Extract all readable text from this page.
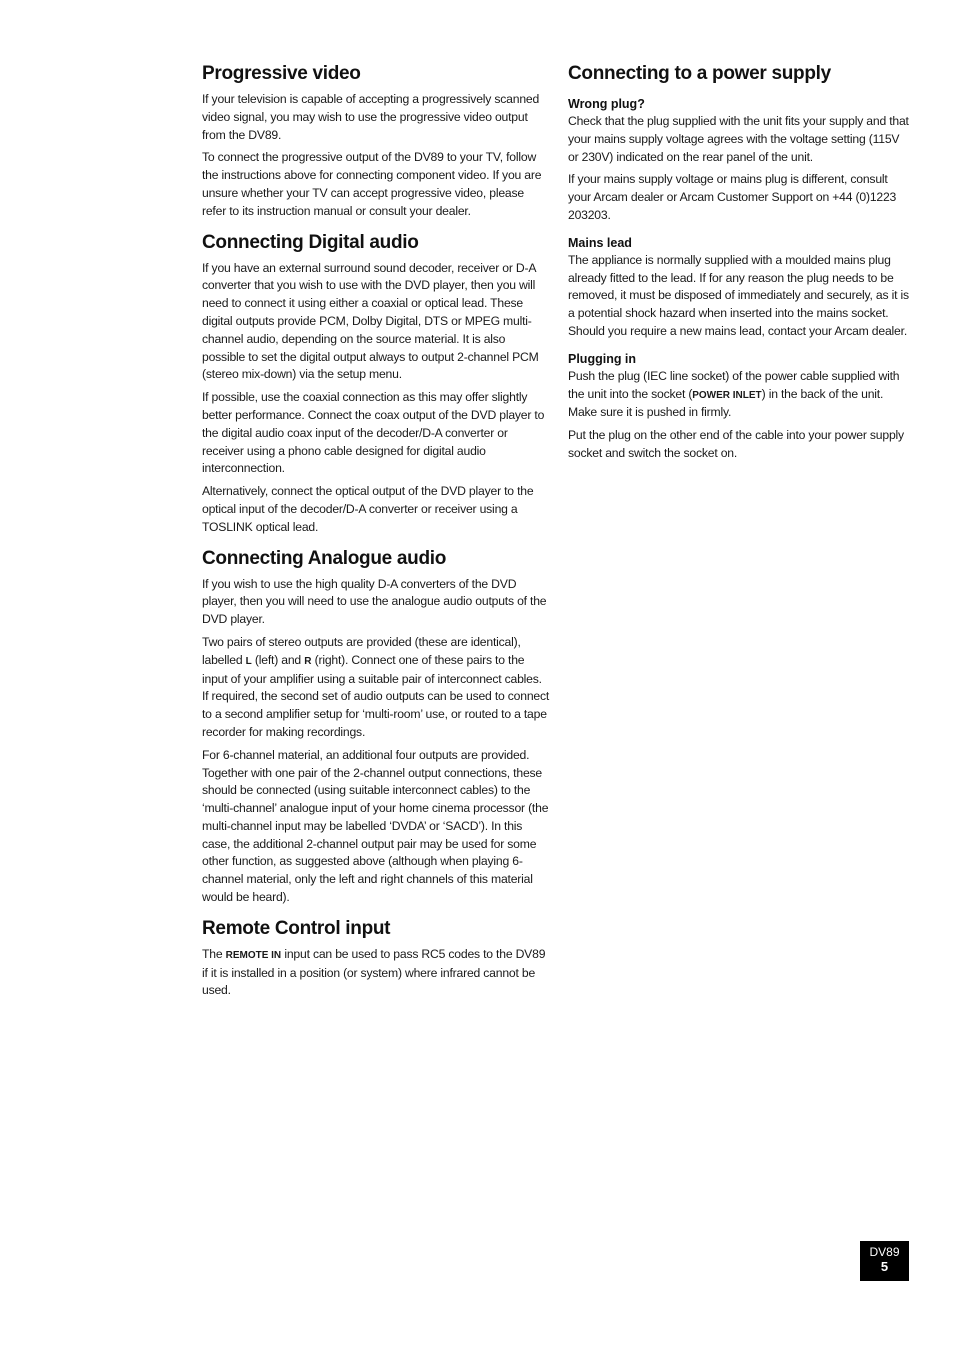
Progressive video

If your television is capable of accepting a progressively scanned video signal, you may wish to use the progressive video output from the DV89.

To connect the progressive output of the DV89 to your TV, follow the instructions above for connecting component video. If you are unsure whether your TV can accept progressive video, please refer to its instruction manual or consult your dealer.

Connecting Digital audio

If you have an external surround sound decoder, receiver or D-A converter that you wish to use with the DVD player, then you will need to connect it using either a coaxial or optical lead. These digital outputs provide PCM, Dolby Digital, DTS or MPEG multi-channel audio, depending on the source material. It is also possible to set the digital output always to output 2-channel PCM (stereo mix-down) via the setup menu.

If possible, use the coaxial connection as this may offer slightly better performance. Connect the coax output of the DVD player to the digital audio coax input of the decoder/D-A converter or receiver using a phono cable designed for digital audio interconnection.

Alternatively, connect the optical output of the DVD player to the optical input of the decoder/D-A converter or receiver using a TOSLINK optical lead.

Connecting Analogue audio

If you wish to use the high quality D-A converters of the DVD player, then you will need to use the analogue audio outputs of the DVD player.

Two pairs of stereo outputs are provided (these are identical), labelled L (left) and R (right). Connect one of these pairs to the input of your amplifier using a suitable pair of interconnect cables. If required, the second set of audio outputs can be used to connect to a second amplifier setup for ‘multi-room’ use, or routed to a tape recorder for making recordings.

For 6-channel material, an additional four outputs are provided. Together with one pair of the 2-channel output connections, these should be connected (using suitable interconnect cables) to the ‘multi-channel’ analogue input of your home cinema processor (the multi-channel input may be labelled ‘DVDA’ or ‘SACD’). In this case, the additional 2-channel output pair may be used for some other function, as suggested above (although when playing 6-channel material, only the left and right channels of this material would be heard).

Remote Control input

The REMOTE IN input can be used to pass RC5 codes to the DV89 if it is installed in a position (or system) where infrared cannot be used.

Connecting to a power supply
Wrong plug?

Check that the plug supplied with the unit fits your supply and that your mains supply voltage agrees with the voltage setting (115V or 230V) indicated on the rear panel of the unit.

If your mains supply voltage or mains plug is different, consult your Arcam dealer or Arcam Customer Support on +44 (0)1223 203203.

Mains lead

The appliance is normally supplied with a moulded mains plug already fitted to the lead. If for any reason the plug needs to be removed, it must be disposed of immediately and securely, as it is a potential shock hazard when inserted into the mains socket. Should you require a new mains lead, contact your Arcam dealer.

Plugging in

Push the plug (IEC line socket) of the power cable supplied with the unit into the socket (POWER INLET) in the back of the unit. Make sure it is pushed in firmly.

Put the plug on the other end of the cable into your power supply socket and switch the socket on.

DV89
5
